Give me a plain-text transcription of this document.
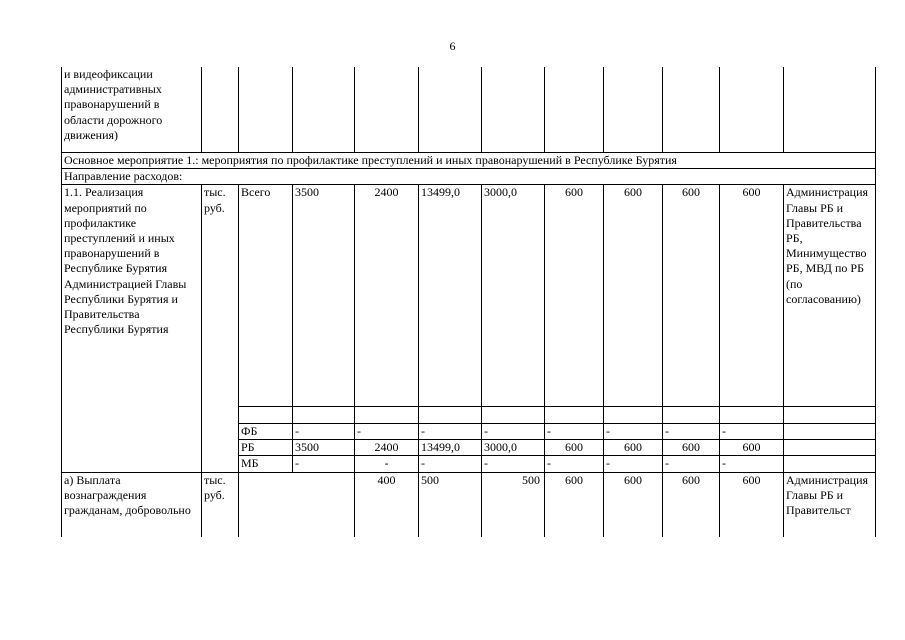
6
и видеофиксации административных правонарушений в области дорожного движения)											
Основное мероприятие 1.: мероприятия по профилактике преступлений и иных правонарушений в Республике Бурятия											
Направление расходов:											
1.1. Реализация мероприятий по профилактике преступлений и иных правонарушений в Республике Бурятия Администрацией Главы Республики Бурятия и Правительства Республики Бурятия	тыс. руб.	Всего	3500	2400	13499,0	3000,0	600	600	600	600	Администрация Главы РБ и Правительства РБ, Минимущество РБ, МВД по РБ (по согласованию)

		ФБ	-	-	-	-	-	-	-	-	
		РБ	3500	2400	13499,0	3000,0	600	600	600	600	
		МБ	-	-	-	-	-	-	-	-	
а) Выплата вознаграждения гражданам, добровольно	тыс. руб.			400	500	500	600	600	600	600	Администрация Главы РБ и Правительст
